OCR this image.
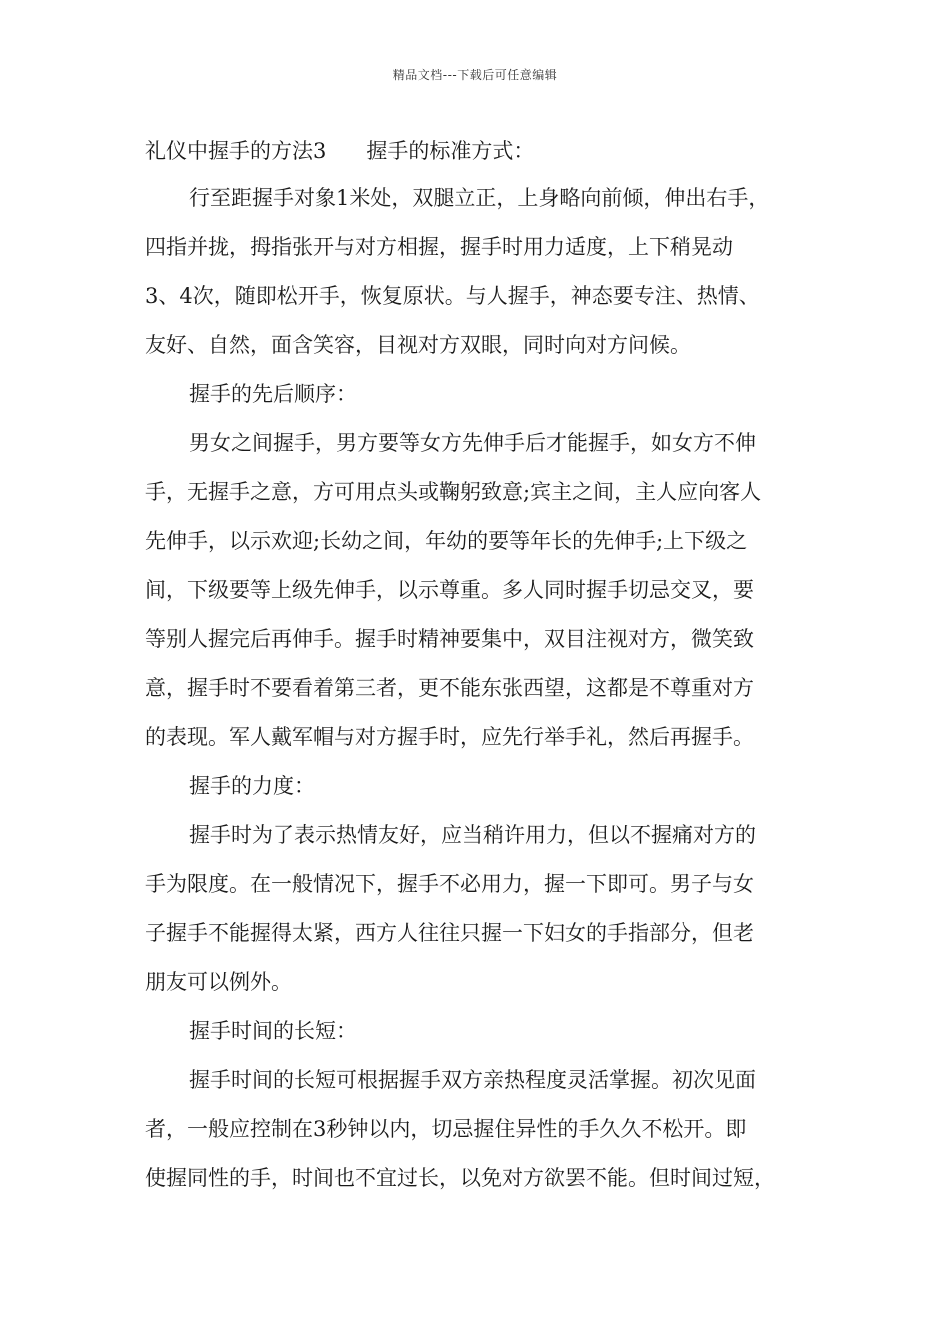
精品文档---下载后可任意编辑
礼仪中握手的方法3 握手的标准方式：
行至距握手对象1米处，双腿立正，上身略向前倾，伸出右手，
四指并拢，拇指张开与对方相握，握手时用力适度，上下稍晃动
3、4次，随即松开手，恢复原状。与人握手，神态要专注、热情、
友好、自然，面含笑容，目视对方双眼，同时向对方问候。
握手的先后顺序：
男女之间握手，男方要等女方先伸手后才能握手，如女方不伸
手，无握手之意，方可用点头或鞠躬致意;宾主之间，主人应向客人
先伸手，以示欢迎;长幼之间，年幼的要等年长的先伸手;上下级之
间，下级要等上级先伸手，以示尊重。多人同时握手切忌交叉，要
等别人握完后再伸手。握手时精神要集中，双目注视对方，微笑致
意，握手时不要看着第三者，更不能东张西望，这都是不尊重对方
的表现。军人戴军帽与对方握手时，应先行举手礼，然后再握手。
握手的力度：
握手时为了表示热情友好，应当稍许用力，但以不握痛对方的
手为限度。在一般情况下，握手不必用力，握一下即可。男子与女
子握手不能握得太紧，西方人往往只握一下妇女的手指部分，但老
朋友可以例外。
握手时间的长短：
握手时间的长短可根据握手双方亲热程度灵活掌握。初次见面
者，一般应控制在3秒钟以内，切忌握住异性的手久久不松开。即
使握同性的手，时间也不宜过长，以免对方欲罢不能。但时间过短，
